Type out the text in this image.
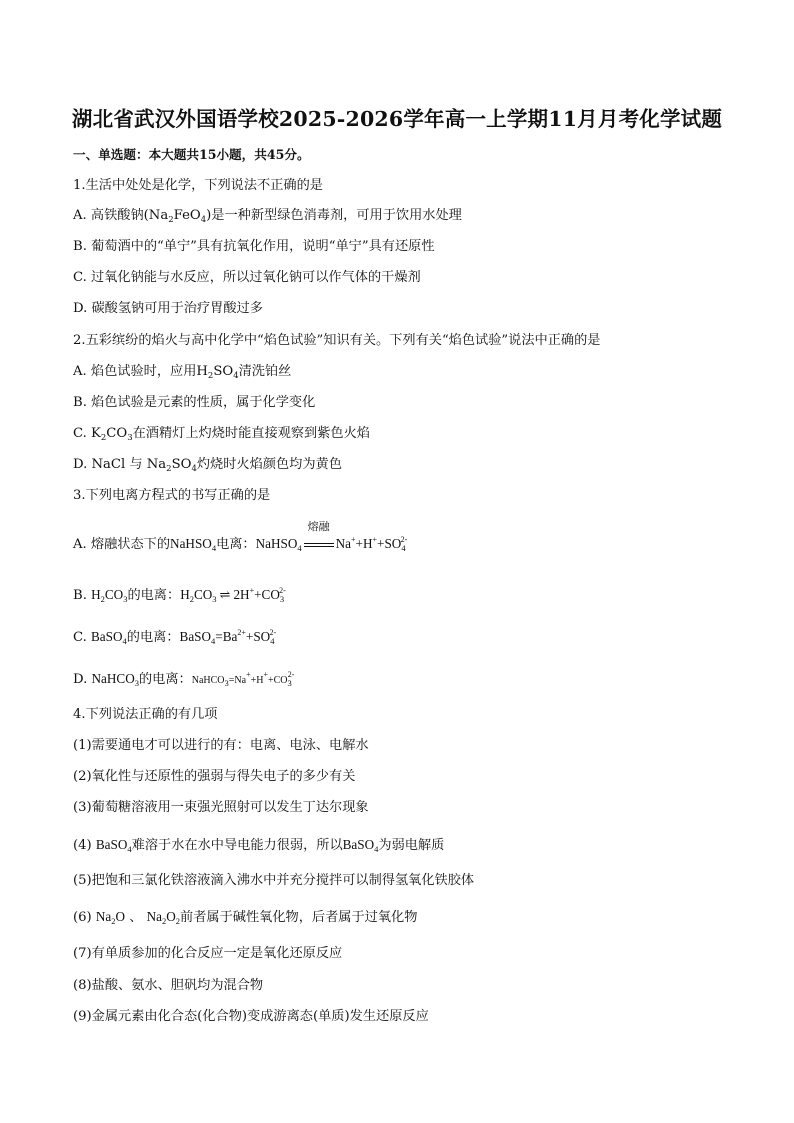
湖北省武汉外国语学校2025-2026学年高一上学期11月月考化学试题
一、单选题：本大题共15小题，共45分。
1.生活中处处是化学，下列说法不正确的是
A. 高铁酸钠$(Na_2FeO_4)$是一种新型绿色消毒剂，可用于饮用水处理
B. 葡萄酒中的“单宁”具有抗氧化作用，说明“单宁”具有还原性
C. 过氧化钠能与水反应，所以过氧化钠可以作气体的干燥剂
D. 碳酸氢钠可用于治疗胃酸过多
2.五彩缤纷的焰火与高中化学中“焰色试验”知识有关。下列有关“焰色试验”说法中正确的是
A. 焰色试验时，应用$H_2SO_4$清洗铂丝
B. 焰色试验是元素的性质，属于化学变化
C. $K_2CO_3$在酒精灯上灼烧时能直接观察到紫色火焰
D. NaCl 与 $Na_2SO_4$灼烧时火焰颜色均为黄色
3.下列电离方程式的书写正确的是
A. 熔融状态下的NaHSO$_4$电离：NaHSO$_4$
熔融
$Na^++H^++SO_4^{2-}$
B. $H_2CO_3$的电离：$H_2CO_3$ ⇌ $2H^++CO_3^{2-}$
C. BaSO$_4$的电离：$BaSO_4=Ba^{2+}+SO_4^{2-}$
D. NaHCO$_3$的电离：$NaHCO_3=Na^++H^++CO_3^{2-}$
4.下列说法正确的有几项
(1)需要通电才可以进行的有：电离、电泳、电解水
(2)氧化性与还原性的强弱与得失电子的多少有关
(3)葡萄糖溶液用一束强光照射可以发生丁达尔现象
(4) BaSO$_4$难溶于水在水中导电能力很弱，所以BaSO$_4$为弱电解质
(5)把饱和三氯化铁溶液滴入沸水中并充分搅拌可以制得氢氧化铁胶体
(6) $Na_2O$ 、 $Na_2O_2$前者属于碱性氧化物，后者属于过氧化物
(7)有单质参加的化合反应一定是氧化还原反应
(8)盐酸、氨水、胆矾均为混合物
(9)金属元素由化合态(化合物)变成游离态(单质)发生还原反应
